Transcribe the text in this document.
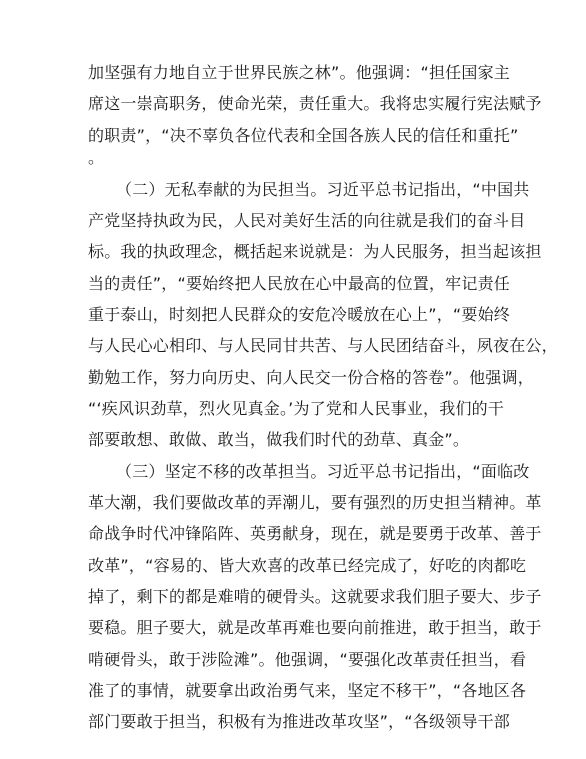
加坚强有力地自立于世界民族之林”。他强调：“担任国家主
席这一崇高职务，使命光荣，责任重大。我将忠实履行宪法赋予
的职责”，“决不辜负各位代表和全国各族人民的信任和重托”
。
（二）无私奉献的为民担当。习近平总书记指出，“中国共
产党坚持执政为民，人民对美好生活的向往就是我们的奋斗目
标。我的执政理念，概括起来说就是：为人民服务，担当起该担
当的责任”，“要始终把人民放在心中最高的位置，牢记责任
重于泰山，时刻把人民群众的安危冷暖放在心上”，“要始终
与人民心心相印、与人民同甘共苦、与人民团结奋斗，夙夜在公，
勤勉工作，努力向历史、向人民交一份合格的答卷”。他强调，
“‘疾风识劲草，烈火见真金。’为了党和人民事业，我们的干
部要敢想、敢做、敢当，做我们时代的劲草、真金”。
（三）坚定不移的改革担当。习近平总书记指出，“面临改
革大潮，我们要做改革的弄潮儿，要有强烈的历史担当精神。革
命战争时代冲锋陷阵、英勇献身，现在，就是要勇于改革、善于
改革”，“容易的、皆大欢喜的改革已经完成了，好吃的肉都吃
掉了，剩下的都是难啃的硬骨头。这就要求我们胆子要大、步子
要稳。胆子要大，就是改革再难也要向前推进，敢于担当，敢于
啃硬骨头，敢于涉险滩”。他强调，“要强化改革责任担当，看
准了的事情，就要拿出政治勇气来，坚定不移干”，“各地区各
部门要敢于担当，积极有为推进改革攻坚”，“各级领导干部
